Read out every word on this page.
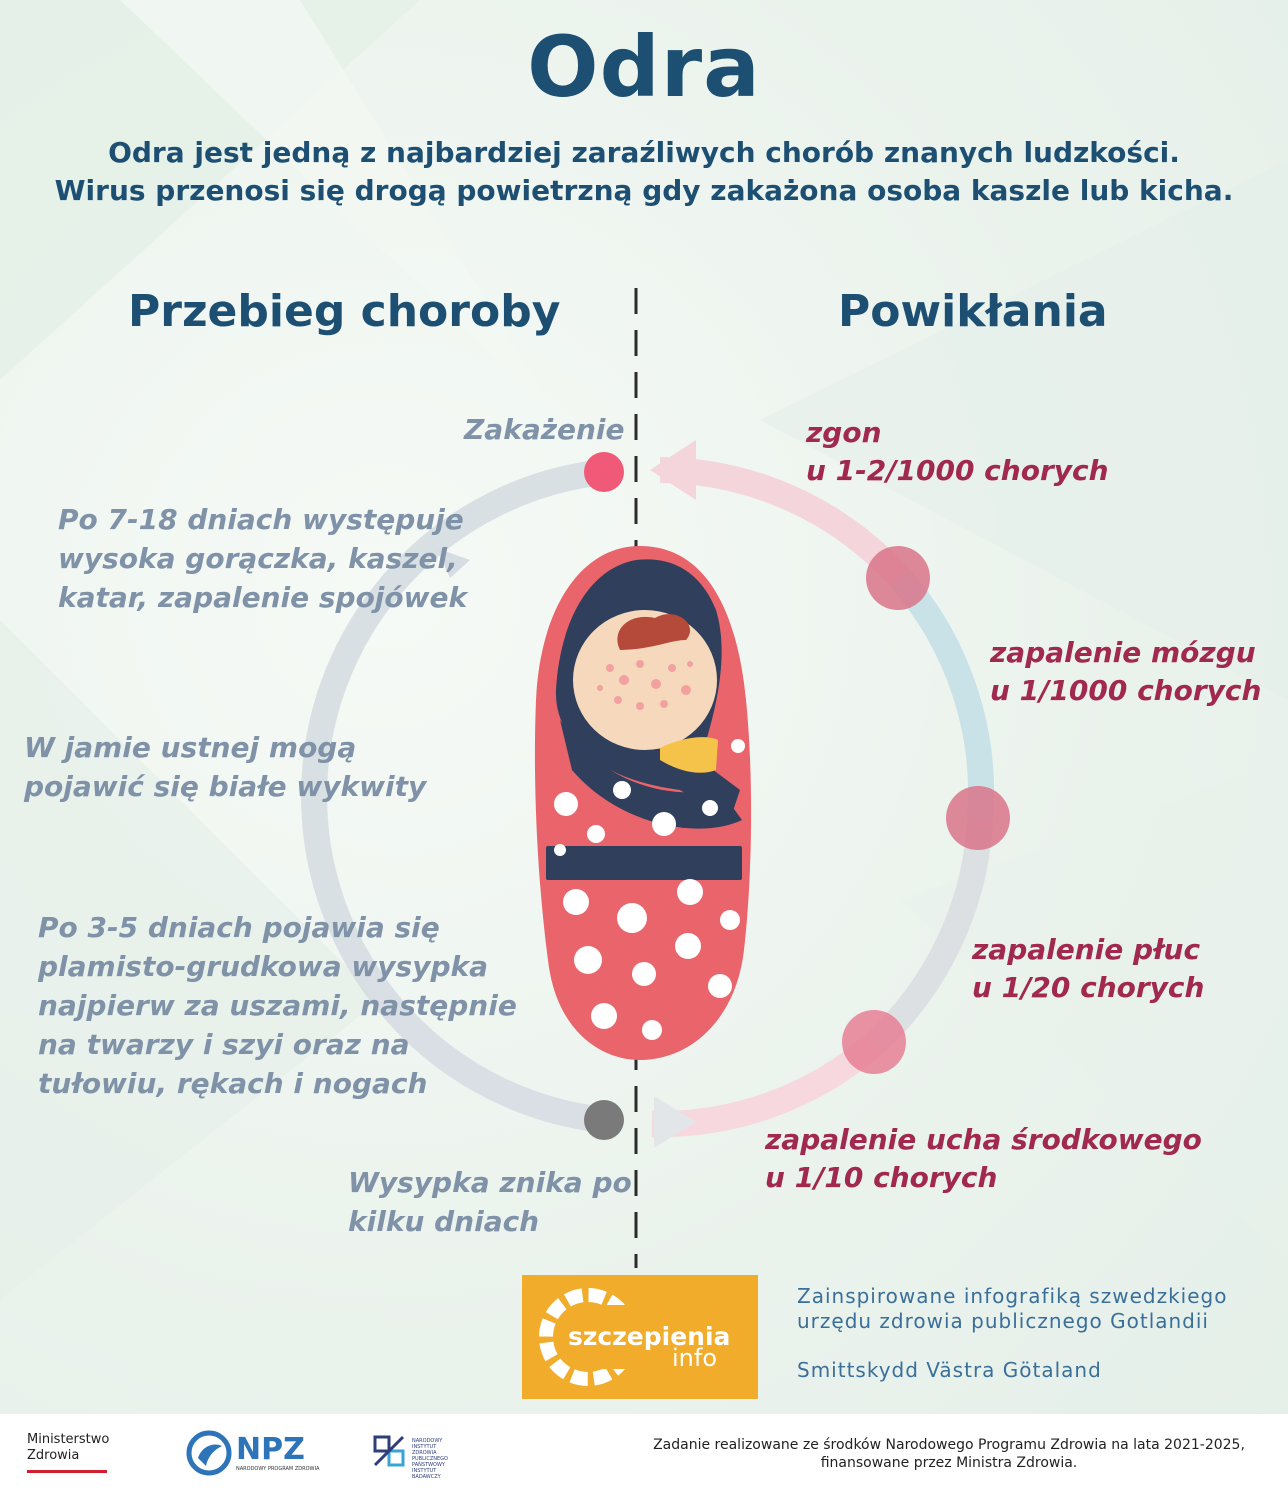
Odra
Odra jest jedną z najbardziej zaraźliwych chorób znanych ludzkości.
Wirus przenosi się drogą powietrzną gdy zakażona osoba kaszle lub kicha.
Przebieg choroby	Powikłania
Zakażenie
Po 7-18 dniach występuje
wysoka gorączka, kaszel,
katar, zapalenie spojówek
W jamie ustnej mogą
pojawić się białe wykwity
Po 3-5 dniach pojawia się
plamisto-grudkowa wysypka
najpierw za uszami, następnie
na twarzy i szyi oraz na
tułowiu, rękach i nogach
Wysypka znika po
kilku dniach
zgon
u 1-2/1000 chorych
zapalenie mózgu
u 1/1000 chorych
zapalenie płuc
u 1/20 chorych
zapalenie ucha środkowego
u 1/10 chorych
szczepienia
info
Zainspirowane infografiką szwedzkiego
urzędu zdrowia publicznego Gotlandii
Smittskydd Västra Götaland
Ministerstwo
Zdrowia	NPZ
NARODOWY PROGRAM ZDROWIA
NARODOWY INSTYTUT ZDROWIA PUBLICZNEGO PAŃSTWOWY INSTYTUT BADAWCZY
Zadanie realizowane ze środków Narodowego Programu Zdrowia na lata 2021-2025,
finansowane przez Ministra Zdrowia.
